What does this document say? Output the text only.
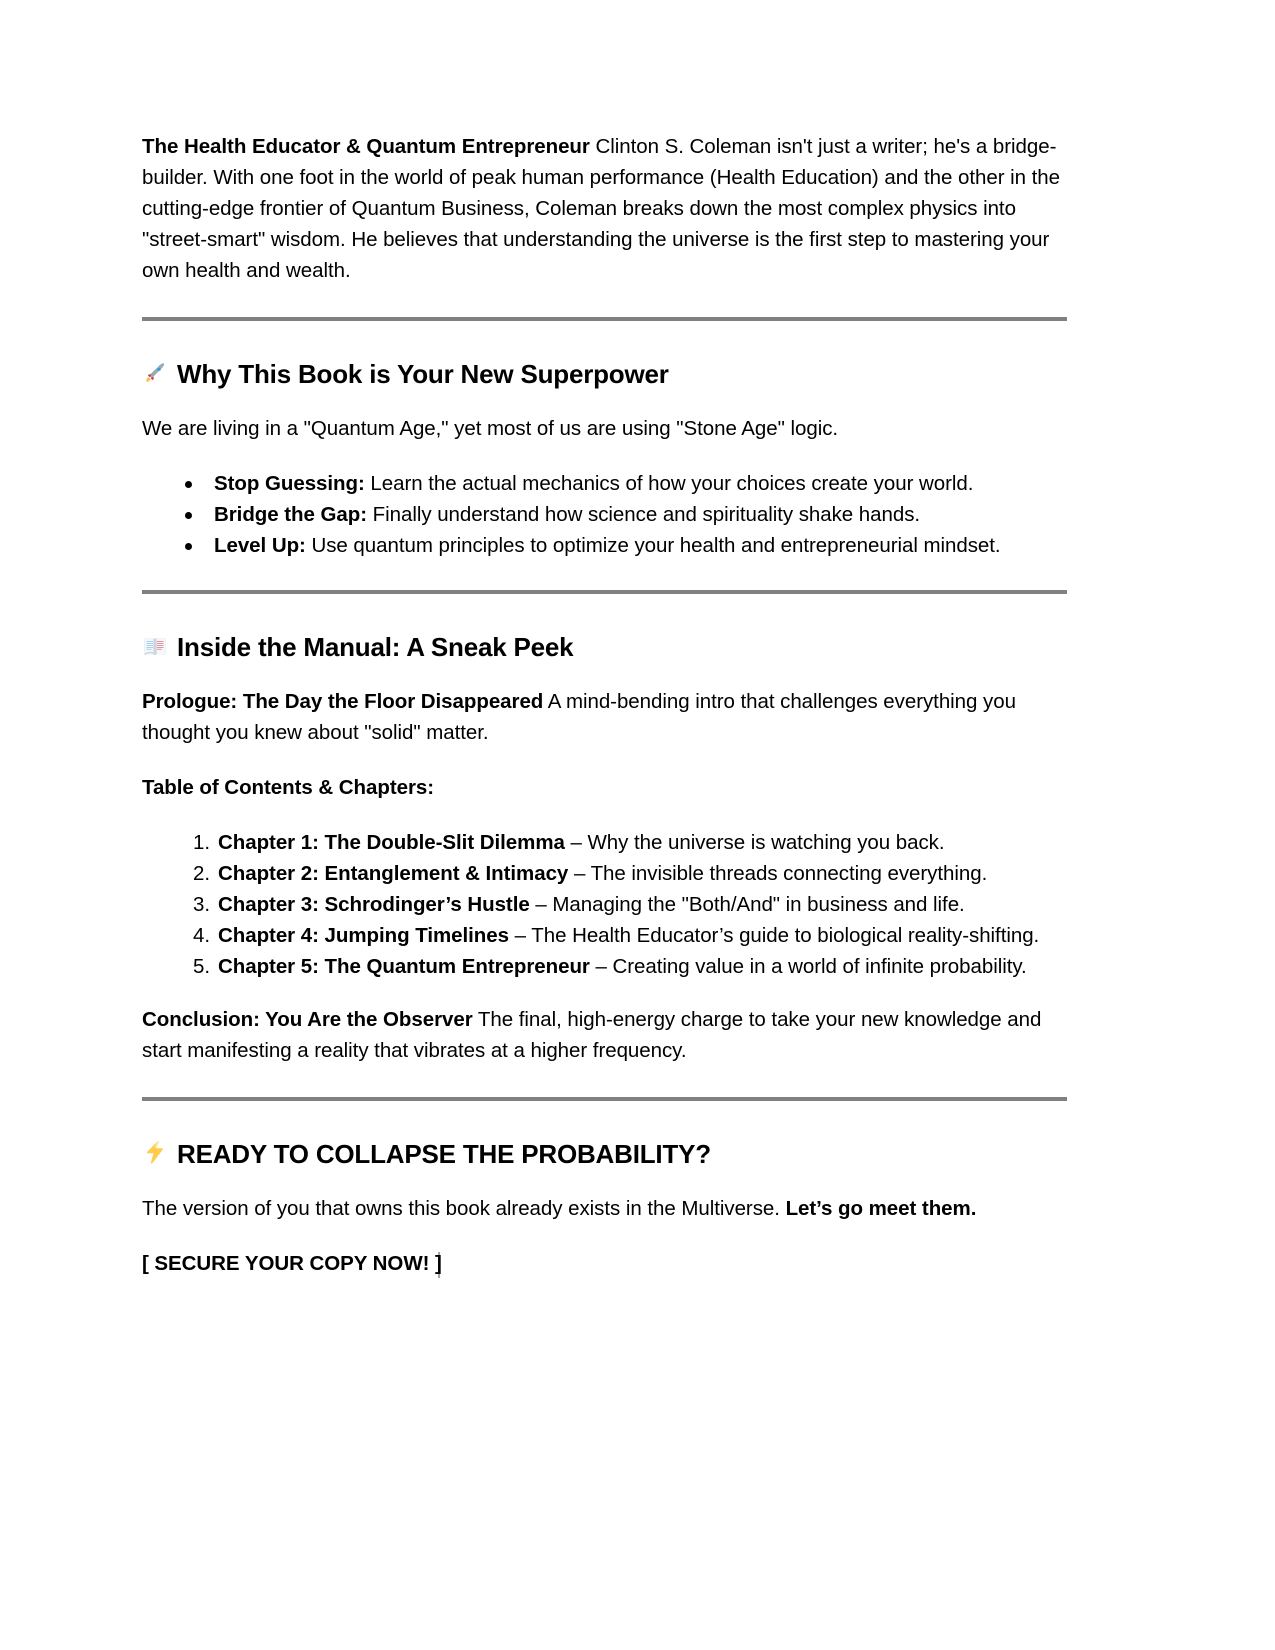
The Health Educator & Quantum Entrepreneur Clinton S. Coleman isn't just a writer; he's a bridge-builder. With one foot in the world of peak human performance (Health Education) and the other in the cutting-edge frontier of Quantum Business, Coleman breaks down the most complex physics into "street-smart" wisdom. He believes that understanding the universe is the first step to mastering your own health and wealth.

Why This Book is Your New Superpower

We are living in a "Quantum Age," yet most of us are using "Stone Age" logic.

Stop Guessing: Learn the actual mechanics of how your choices create your world.
Bridge the Gap: Finally understand how science and spirituality shake hands.
Level Up: Use quantum principles to optimize your health and entrepreneurial mindset.
Inside the Manual: A Sneak Peek

Prologue: The Day the Floor Disappeared A mind-bending intro that challenges everything you thought you knew about "solid" matter.

Table of Contents & Chapters:

Chapter 1: The Double-Slit Dilemma – Why the universe is watching you back.
Chapter 2: Entanglement & Intimacy – The invisible threads connecting everything.
Chapter 3: Schrodinger’s Hustle – Managing the "Both/And" in business and life.
Chapter 4: Jumping Timelines – The Health Educator’s guide to biological reality-shifting.
Chapter 5: The Quantum Entrepreneur – Creating value in a world of infinite probability.

Conclusion: You Are the Observer The final, high-energy charge to take your new knowledge and start manifesting a reality that vibrates at a higher frequency.

READY TO COLLAPSE THE PROBABILITY?

The version of you that owns this book already exists in the Multiverse. Let’s go meet them.

[ SECURE YOUR COPY NOW! ]
